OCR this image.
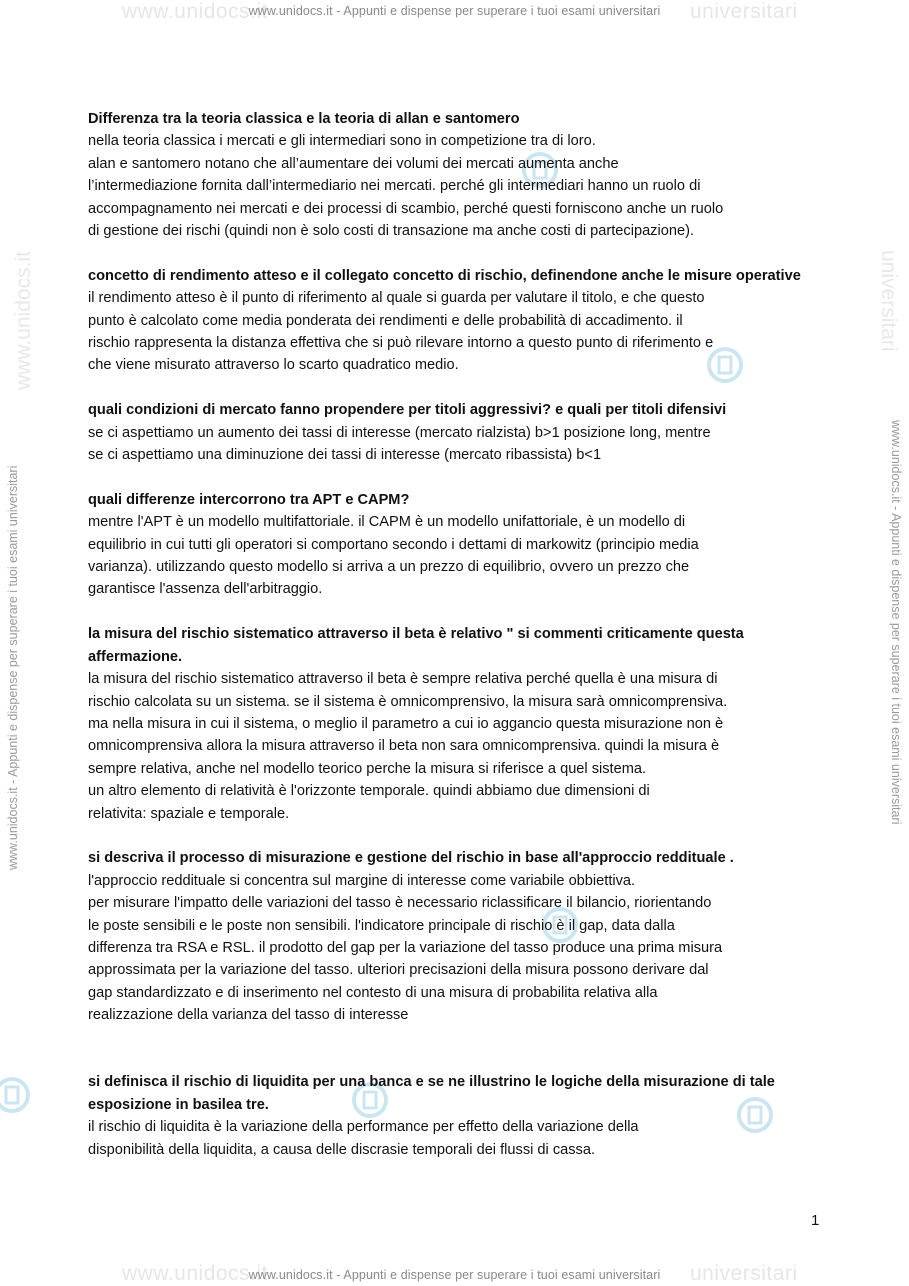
www.unidocs.it	universitari
www.unidocs.it - Appunti e dispense per superare i tuoi esami universitari
www.unidocs.it	universitari
www.unidocs.it - Appunti e dispense per superare i tuoi esami universitari
www.unidocs.it - Appunti e dispense per superare i tuoi esami universitari
www.unidocs.it
www.unidocs.it - Appunti e dispense per superare i tuoi esami universitari
universitari

Differenza tra la teoria classica e la teoria di allan e santomero

nella teoria classica i mercati e gli intermediari sono in competizione tra di loro.

alan e santomero notano che all’aumentare dei volumi dei mercati aumenta anche

l’intermediazione fornita dall’intermediario nei mercati. perché gli intermediari hanno un ruolo di

accompagnamento nei mercati e dei processi di scambio, perché questi forniscono anche un ruolo

di gestione dei rischi (quindi non è solo costi di transazione ma anche costi di partecipazione).

concetto di rendimento atteso e il collegato concetto di rischio, definendone anche le misure operative

il rendimento atteso è il punto di riferimento al quale si guarda per valutare il titolo, e che questo

punto è calcolato come media ponderata dei rendimenti e delle probabilità di accadimento. il

rischio rappresenta la distanza effettiva che si può rilevare intorno a questo punto di riferimento e

che viene misurato attraverso lo scarto quadratico medio.

quali condizioni di mercato fanno propendere per titoli aggressivi? e quali per titoli difensivi

se ci aspettiamo un aumento dei tassi di interesse (mercato rialzista) b>1 posizione long, mentre

se ci aspettiamo una diminuzione dei tassi di interesse (mercato ribassista) b<1

quali differenze intercorrono tra APT e CAPM?

mentre l'APT è un modello multifattoriale. il CAPM è un modello unifattoriale, è un modello di

equilibrio in cui tutti gli operatori si comportano secondo i dettami di markowitz (principio media

varianza). utilizzando questo modello si arriva a un prezzo di equilibrio, ovvero un prezzo che

garantisce l'assenza dell'arbitraggio.

la misura del rischio sistematico attraverso il beta è relativo " si commenti criticamente questa affermazione.

la misura del rischio sistematico attraverso il beta è sempre relativa perché quella è una misura di

rischio calcolata su un sistema. se il sistema è omnicomprensivo, la misura sarà omnicomprensiva.

ma nella misura in cui il sistema, o meglio il parametro a cui io aggancio questa misurazione non è

omnicomprensiva allora la misura attraverso il beta non sara omnicomprensiva. quindi la misura è

sempre relativa, anche nel modello teorico perche la misura si riferisce a quel sistema.

un altro elemento di relatività è l'orizzonte temporale. quindi abbiamo due dimensioni di

relativita: spaziale e temporale.

si descriva il processo di misurazione e gestione del rischio in base all'approccio reddituale .

l'approccio reddituale si concentra sul margine di interesse come variabile obbiettiva.

per misurare l'impatto delle variazioni del tasso è necessario riclassificare il bilancio, riorientando

le poste sensibili e le poste non sensibili. l'indicatore principale di rischio è il gap, data dalla

differenza tra RSA e RSL. il prodotto del gap per la variazione del tasso produce una prima misura

approssimata per la variazione del tasso. ulteriori precisazioni della misura possono derivare dal

gap standardizzato e di inserimento nel contesto di una misura di probabilita relativa alla

realizzazione della varianza del tasso di interesse

si definisca il rischio di liquidita per una banca e se ne illustrino le logiche della misurazione di tale esposizione in basilea tre.

il rischio di liquidita è la variazione della performance per effetto della variazione della

disponibilità della liquidita, a causa delle discrasie temporali dei flussi di cassa.

1
